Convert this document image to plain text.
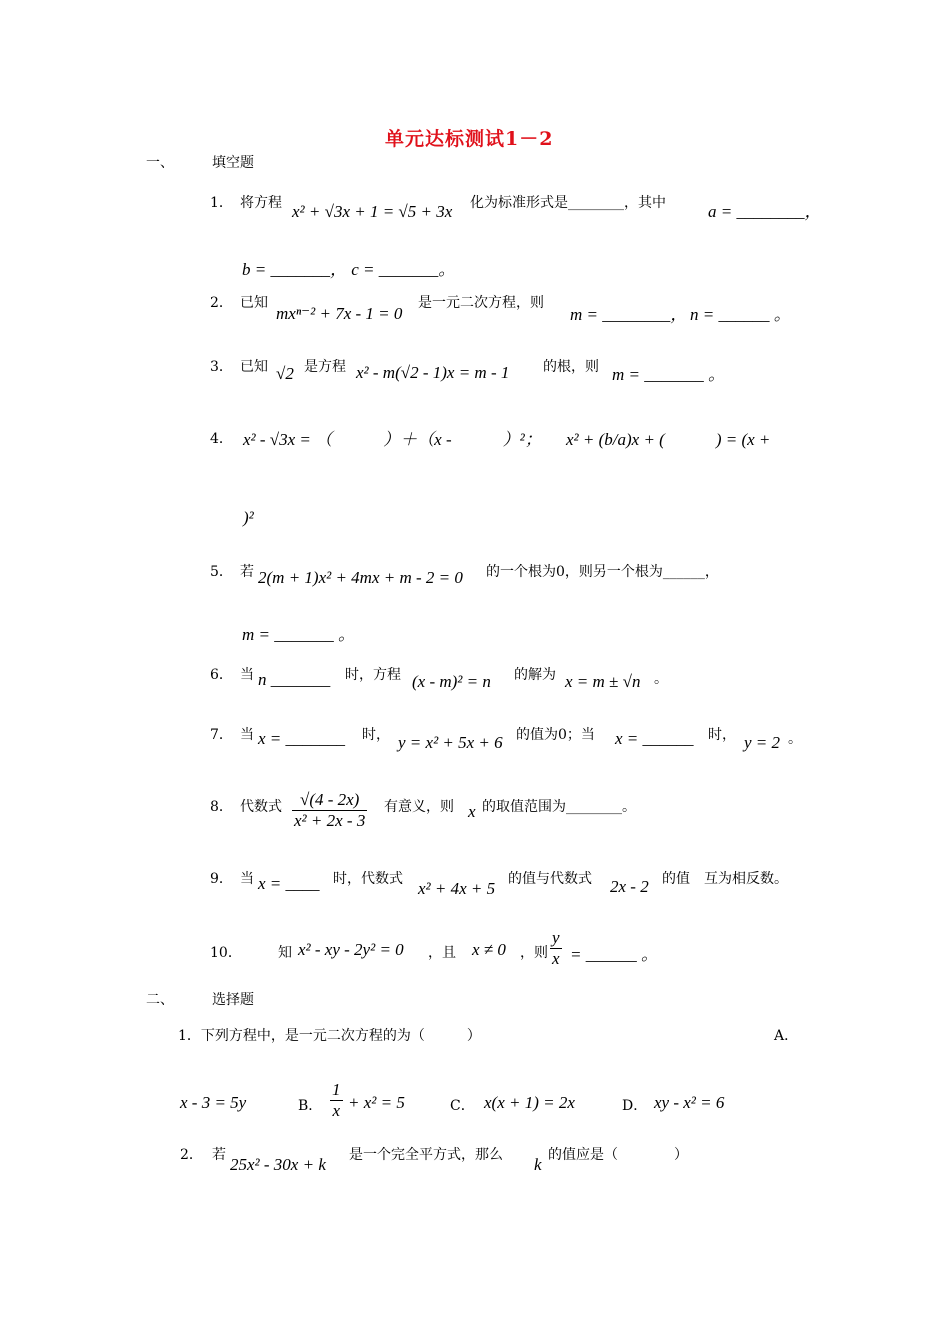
单元达标测试1－2
一、	填空题
1． 将方程 x² + √3x + 1 = √5 + 3x 化为标准形式是________，其中 a = ________，
b = _______， c = _______。
2． 已知
mxⁿ⁻² + 7x - 1 = 0
是一元二次方程，则
m = ________， n = ______ 。
3． 已知 √2 是方程 x² - m(√2 - 1)x = m - 1 的根，则 m = _______ 。
4． x² - √3x = （　　　）＋（x -　　　）²； x² + (b/a)x + (　　　) = (x +
)²
5． 若 2(m + 1)x² + 4mx + m - 2 = 0 的一个根为0，则另一个根为______，
m = _______ 。
6． 当 n _______ 时，方程 (x - m)² = n 的解为 x = m ± √n 。
7． 当 x = _______ 时， y = x² + 5x + 6 的值为0；当 x = ______ 时， y = 2 。
8． 代数式 $\frac{√(4 - 2x)}{\text{x² + 2x - 3}}$ 有意义，则 x 的取值范围为________。
9． 当 x = ____ 时，代数式 x² + 4x + 5 的值与代数式 2x - 2 的值　互为相反数。
10．	知 x² - xy - 2y² = 0 ，且 x ≠ 0 ，则 $\frac{y}{x}$ = ______ 。
二、	选择题
1．下列方程中，是一元二次方程的为（　　　）	A．
x - 3 = 5y	B． $\frac{1}{x} + x^2 = 5$	C． x(x + 1) = 2x	D． xy - x² = 6
2． 若 25x² - 30x + k 是一个完全平方式，那么 k 的值应是（　　　　）
